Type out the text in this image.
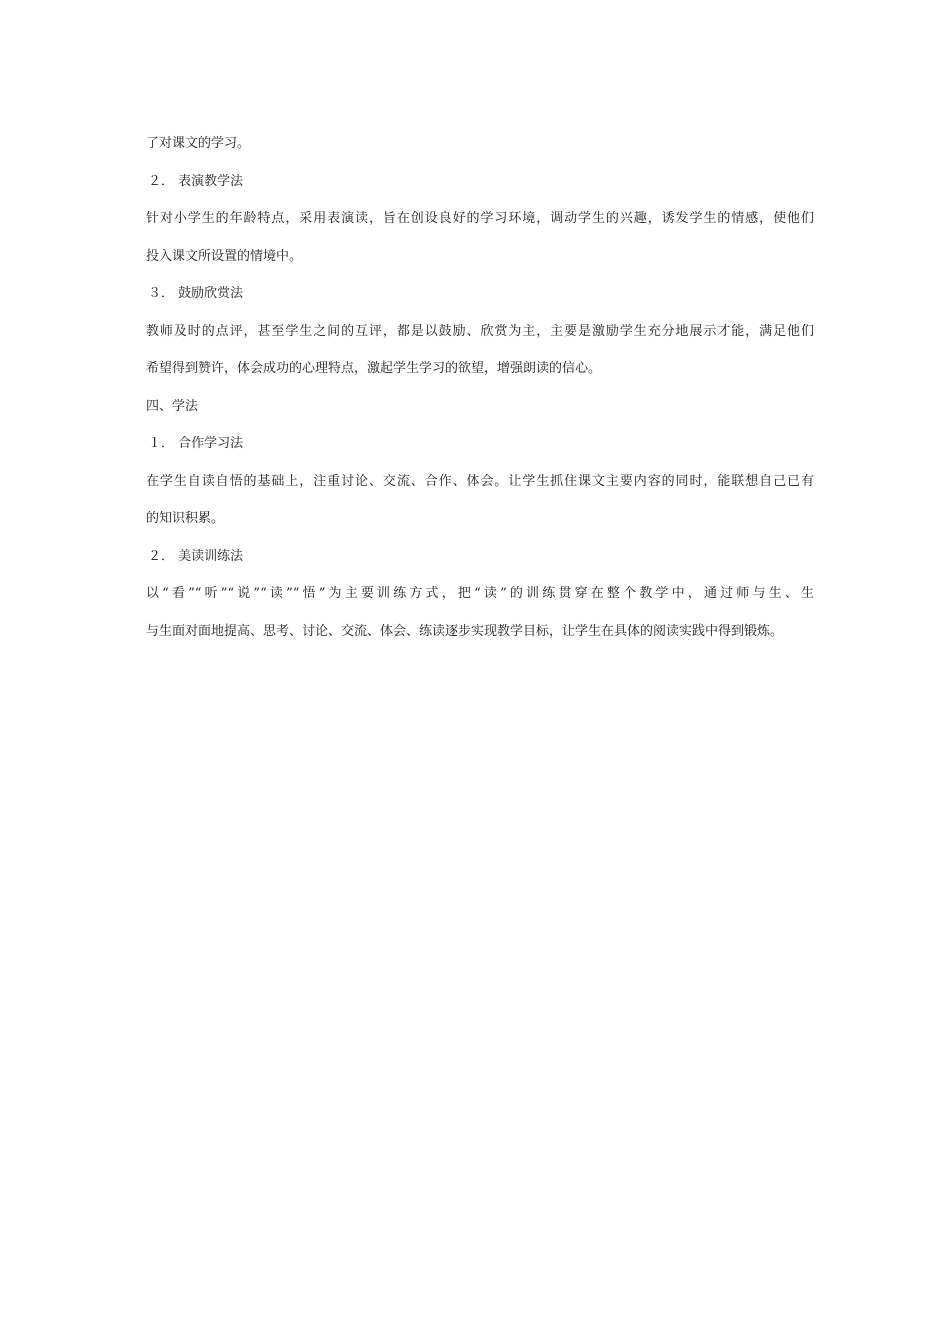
了对课文的学习。
２． 表演教学法
针对小学生的年龄特点，采用表演读，旨在创设良好的学习环境，调动学生的兴趣，诱发学生的情感，使他们
投入课文所设置的情境中。
３． 鼓励欣赏法
教师及时的点评，甚至学生之间的互评，都是以鼓励、欣赏为主，主要是激励学生充分地展示才能，满足他们
希望得到赞许，体会成功的心理特点，激起学生学习的欲望，增强朗读的信心。
四、学法
１． 合作学习法
在学生自读自悟的基础上，注重讨论、交流、合作、体会。让学生抓住课文主要内容的同时，能联想自己已有
的知识积累。
２． 美读训练法
以“看”“听”“说”“读”“悟”为主要训练方式，把“读”的训练贯穿在整个教学中，通过师与生、生
与生面对面地提高、思考、讨论、交流、体会、练读逐步实现教学目标，让学生在具体的阅读实践中得到锻炼。
